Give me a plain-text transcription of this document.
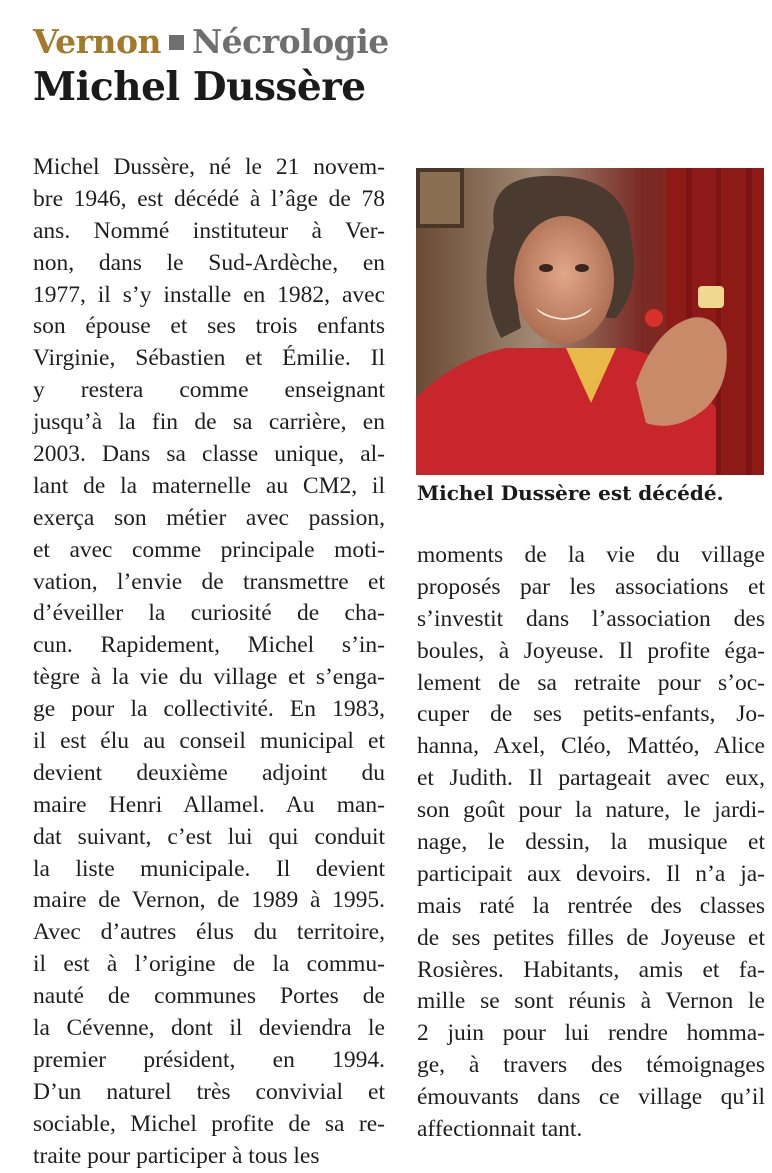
Vernon Nécrologie
Michel Dussère
Michel Dussère, né le 21 novem-
bre 1946, est décédé à l’âge de 78
ans. Nommé instituteur à Ver-
non, dans le Sud-Ardèche, en
1977, il s’y installe en 1982, avec
son épouse et ses trois enfants
Virginie, Sébastien et Émilie. Il
y restera comme enseignant
jusqu’à la fin de sa carrière, en
2003. Dans sa classe unique, al-
lant de la maternelle au CM2, il
exerça son métier avec passion,
et avec comme principale moti-
vation, l’envie de transmettre et
d’éveiller la curiosité de cha-
cun. Rapidement, Michel s’in-
tègre à la vie du village et s’enga-
ge pour la collectivité. En 1983,
il est élu au conseil municipal et
devient deuxième adjoint du
maire Henri Allamel. Au man-
dat suivant, c’est lui qui conduit
la liste municipale. Il devient
maire de Vernon, de 1989 à 1995.
Avec d’autres élus du territoire,
il est à l’origine de la commu-
nauté de communes Portes de
la Cévenne, dont il deviendra le
premier président, en 1994.
D’un naturel très convivial et
sociable, Michel profite de sa re-
traite pour participer à tous les
Michel Dussère est décédé.
moments de la vie du village
proposés par les associations et
s’investit dans l’association des
boules, à Joyeuse. Il profite éga-
lement de sa retraite pour s’oc-
cuper de ses petits-enfants, Jo-
hanna, Axel, Cléo, Mattéo, Alice
et Judith. Il partageait avec eux,
son goût pour la nature, le jardi-
nage, le dessin, la musique et
participait aux devoirs. Il n’a ja-
mais raté la rentrée des classes
de ses petites filles de Joyeuse et
Rosières. Habitants, amis et fa-
mille se sont réunis à Vernon le
2 juin pour lui rendre homma-
ge, à travers des témoignages
émouvants dans ce village qu’il
affectionnait tant.
